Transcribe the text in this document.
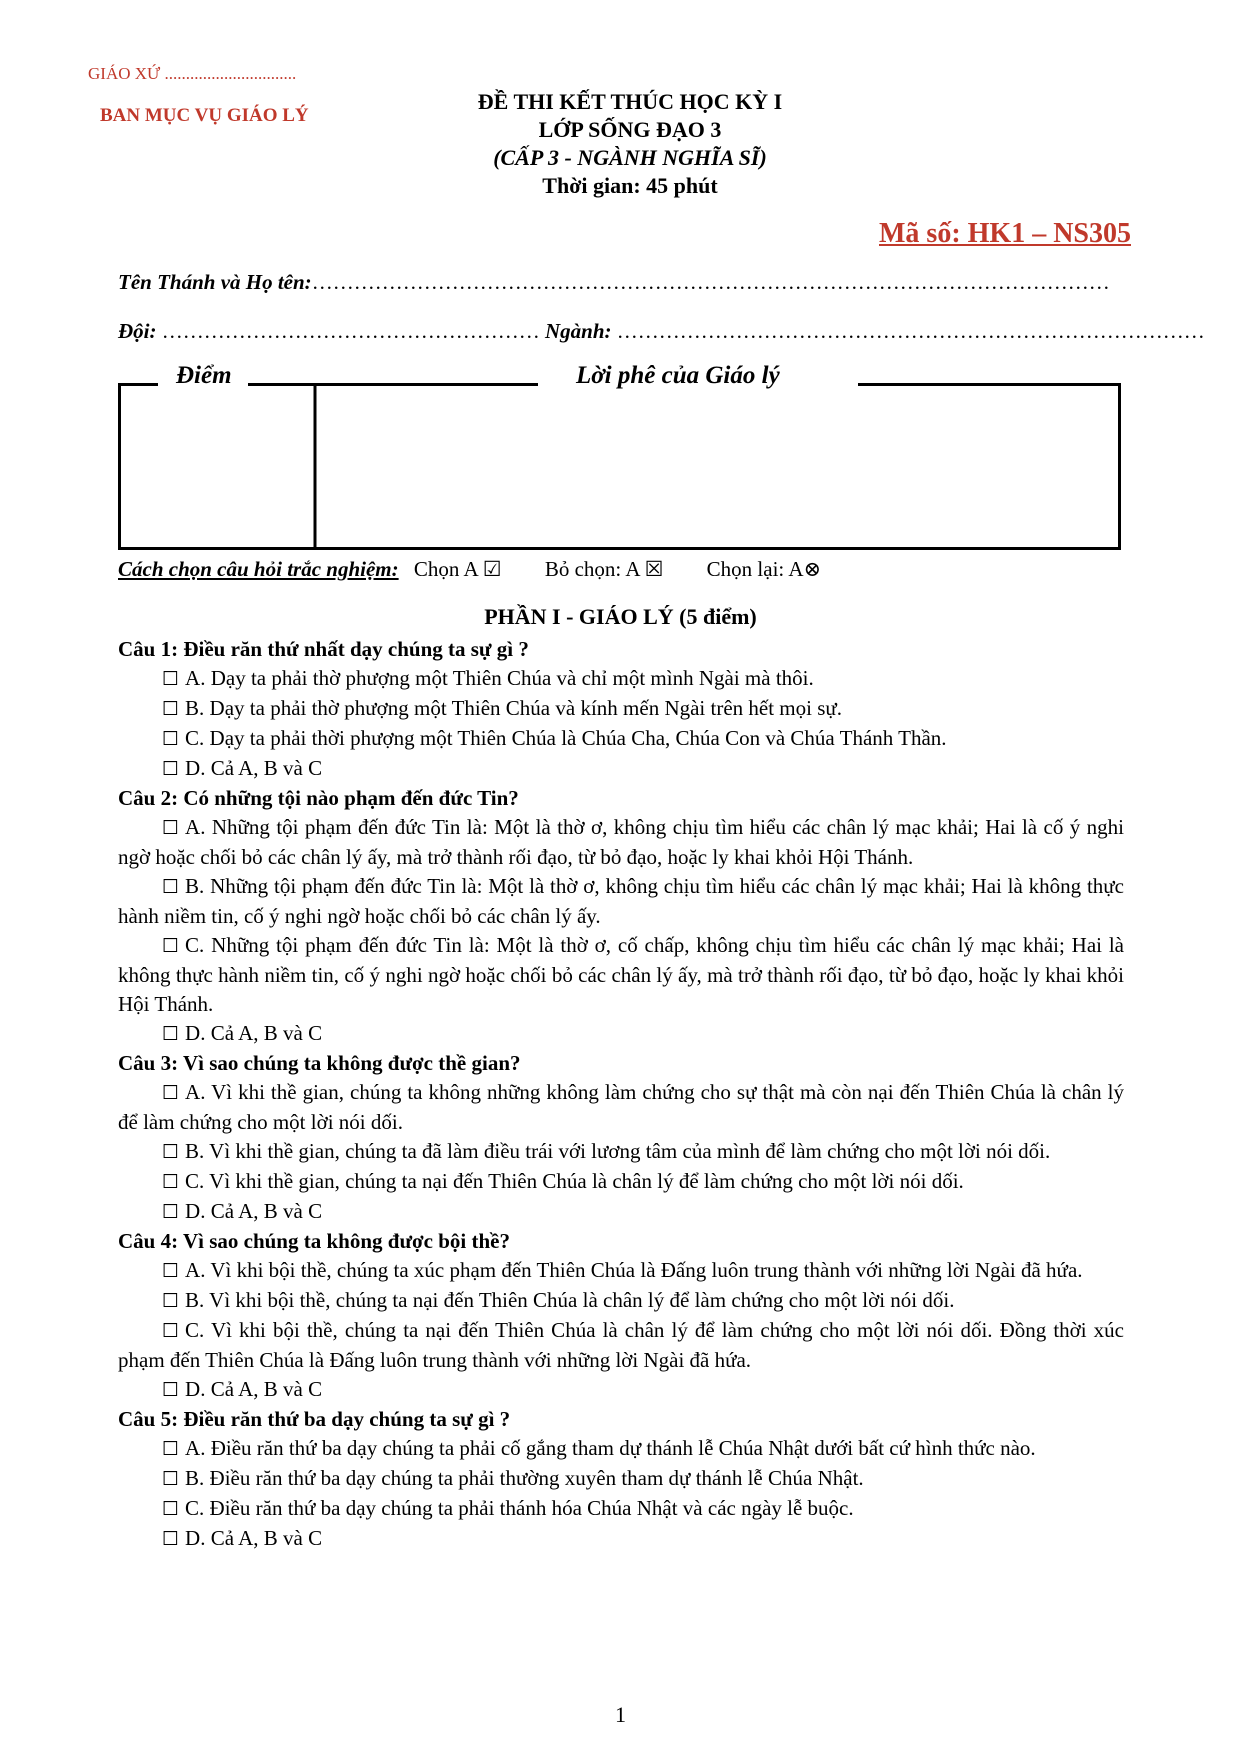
GIÁO XỨ ...............................
BAN MỤC VỤ GIÁO LÝ
ĐỀ THI KẾT THÚC HỌC KỲ I
LỚP SỐNG ĐẠO 3
(CẤP 3 - NGÀNH NGHĨA SĨ)
Thời gian: 45 phút
Mã số: HK1 – NS305
Tên Thánh và Họ tên:……………………………………………………………………………………………………
Đội: ……………………………………………… Ngành: …………………………………………………………………………
Điểm	Lời phê của Giáo lý
Cách chọn câu hỏi trắc nghiệm: Chọn A ☑ Bỏ chọn: A ☒ Chọn lại: A⊗
PHẦN I - GIÁO LÝ (5 điểm)
Câu 1: Điều răn thứ nhất dạy chúng ta sự gì ?
☐ A. Dạy ta phải thờ phượng một Thiên Chúa và chỉ một mình Ngài mà thôi.
☐ B. Dạy ta phải thờ phượng một Thiên Chúa và kính mến Ngài trên hết mọi sự.
☐ C. Dạy ta phải thời phượng một Thiên Chúa là Chúa Cha, Chúa Con và Chúa Thánh Thần.
☐ D. Cả A, B và C
Câu 2: Có những tội nào phạm đến đức Tin?
☐ A. Những tội phạm đến đức Tin là: Một là thờ ơ, không chịu tìm hiểu các chân lý mạc khải; Hai là cố ý nghi ngờ hoặc chối bỏ các chân lý ấy, mà trở thành rối đạo, từ bỏ đạo, hoặc ly khai khỏi Hội Thánh.
☐ B. Những tội phạm đến đức Tin là: Một là thờ ơ, không chịu tìm hiểu các chân lý mạc khải; Hai là không thực hành niềm tin, cố ý nghi ngờ hoặc chối bỏ các chân lý ấy.
☐ C. Những tội phạm đến đức Tin là: Một là thờ ơ, cố chấp, không chịu tìm hiểu các chân lý mạc khải; Hai là không thực hành niềm tin, cố ý nghi ngờ hoặc chối bỏ các chân lý ấy, mà trở thành rối đạo, từ bỏ đạo, hoặc ly khai khỏi Hội Thánh.
☐ D. Cả A, B và C
Câu 3: Vì sao chúng ta không được thề gian?
☐ A. Vì khi thề gian, chúng ta không những không làm chứng cho sự thật mà còn nại đến Thiên Chúa là chân lý để làm chứng cho một lời nói dối.
☐ B. Vì khi thề gian, chúng ta đã làm điều trái với lương tâm của mình để làm chứng cho một lời nói dối.
☐ C. Vì khi thề gian, chúng ta nại đến Thiên Chúa là chân lý để làm chứng cho một lời nói dối.
☐ D. Cả A, B và C
Câu 4: Vì sao chúng ta không được bội thề?
☐ A. Vì khi bội thề, chúng ta xúc phạm đến Thiên Chúa là Đấng luôn trung thành với những lời Ngài đã hứa.
☐ B. Vì khi bội thề, chúng ta nại đến Thiên Chúa là chân lý để làm chứng cho một lời nói dối.
☐ C. Vì khi bội thề, chúng ta nại đến Thiên Chúa là chân lý để làm chứng cho một lời nói dối. Đồng thời xúc phạm đến Thiên Chúa là Đấng luôn trung thành với những lời Ngài đã hứa.
☐ D. Cả A, B và C
Câu 5: Điều răn thứ ba dạy chúng ta sự gì ?
☐ A. Điều răn thứ ba dạy chúng ta phải cố gắng tham dự thánh lễ Chúa Nhật dưới bất cứ hình thức nào.
☐ B. Điều răn thứ ba dạy chúng ta phải thường xuyên tham dự thánh lễ Chúa Nhật.
☐ C. Điều răn thứ ba dạy chúng ta phải thánh hóa Chúa Nhật và các ngày lễ buộc.
☐ D. Cả A, B và C
1
